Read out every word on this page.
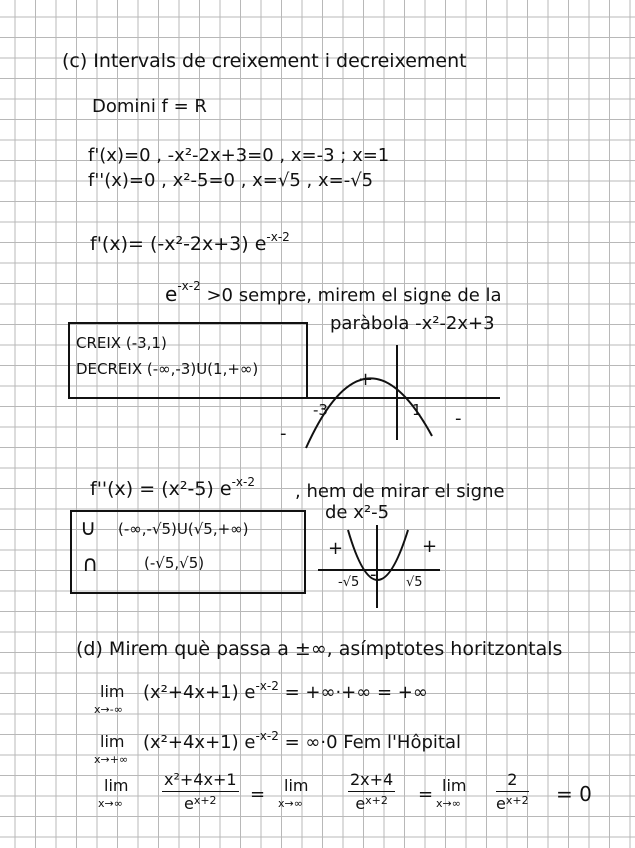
(c) Intervals de creixement i decreixement
Domini f = R
f'(x)=0 , -x²-2x+3=0 , x=-3 ; x=1
f''(x)=0 , x²-5=0 , x=√5 , x=-√5
f'(x)= (-x²-2x+3) $e^{-x-2}$
$e^{-x-2} >0$ sempre, mirem el signe de la
paràbola -x²-2x+3
CREIX (-3,1)
DECREIX (-∞,-3)U(1,+∞)
-3	1
+
-
-
f''(x) = (x²-5) $e^{-x-2}$ , hem de mirar el signe
de x²-5
∪ (-∞,-√5)U(√5,+∞)
∩	(-√5,√5)
+	+
-
-√5	√5
(d) Mirem què passa a ±∞, asímptotes horitzontals
lim
x→-∞
(x²+4x+1) $e^{-x-2}$ = +∞·+∞ = +∞
lim
x→+∞
(x²+4x+1) $e^{-x-2} = \infty\cdot 0$ Fem l'Hôpital
lim
x→∞	$\frac{\text{x²+4x+1}}{e^{x+2}} = \lim$
x→∞	$\frac{2x+4}{e^{x+2}} = \lim$
x→∞	$\frac{2}{e^{x+2}} = 0$
